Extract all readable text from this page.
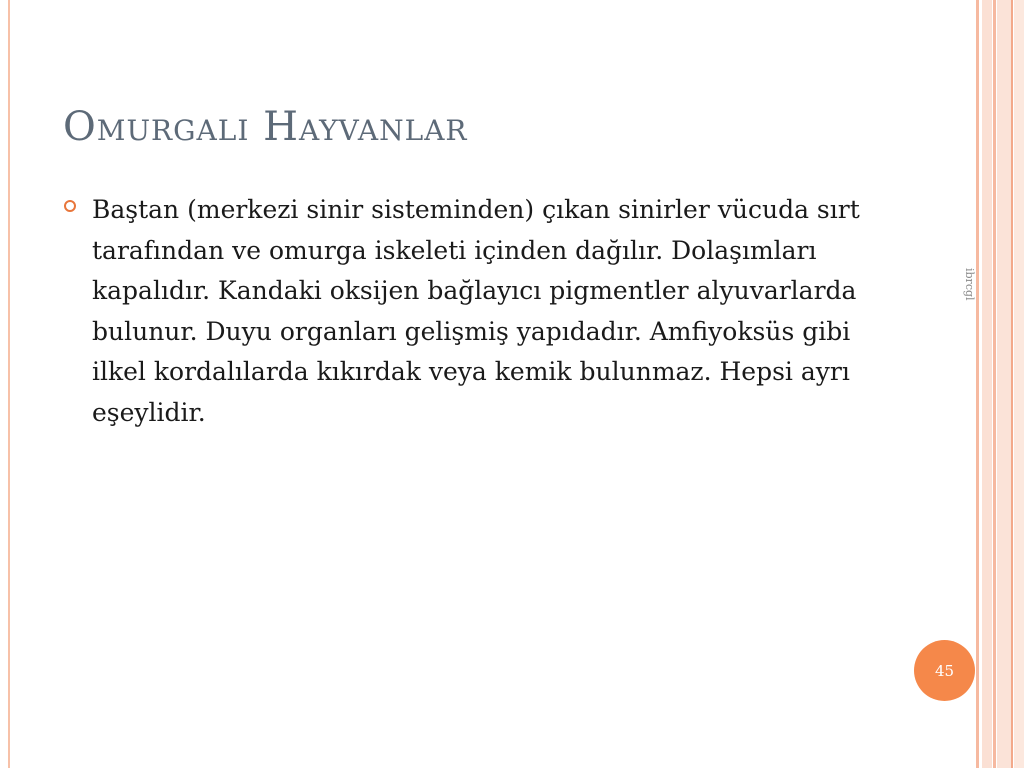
Omurgali Hayvanlar
Baştan (merkezi sinir sisteminden) çıkan sinirler vücuda sırt tarafından ve omurga iskeleti içinden dağılır. Dolaşımları kapalıdır. Kandaki oksijen bağlayıcı pigmentler alyuvarlarda bulunur. Duyu organları gelişmiş yapıdadır. Amfiyoksüs gibi ilkel kordalılarda kıkırdak veya kemik bulunmaz. Hepsi ayrı eşeylidir.
ibrcgl
45
